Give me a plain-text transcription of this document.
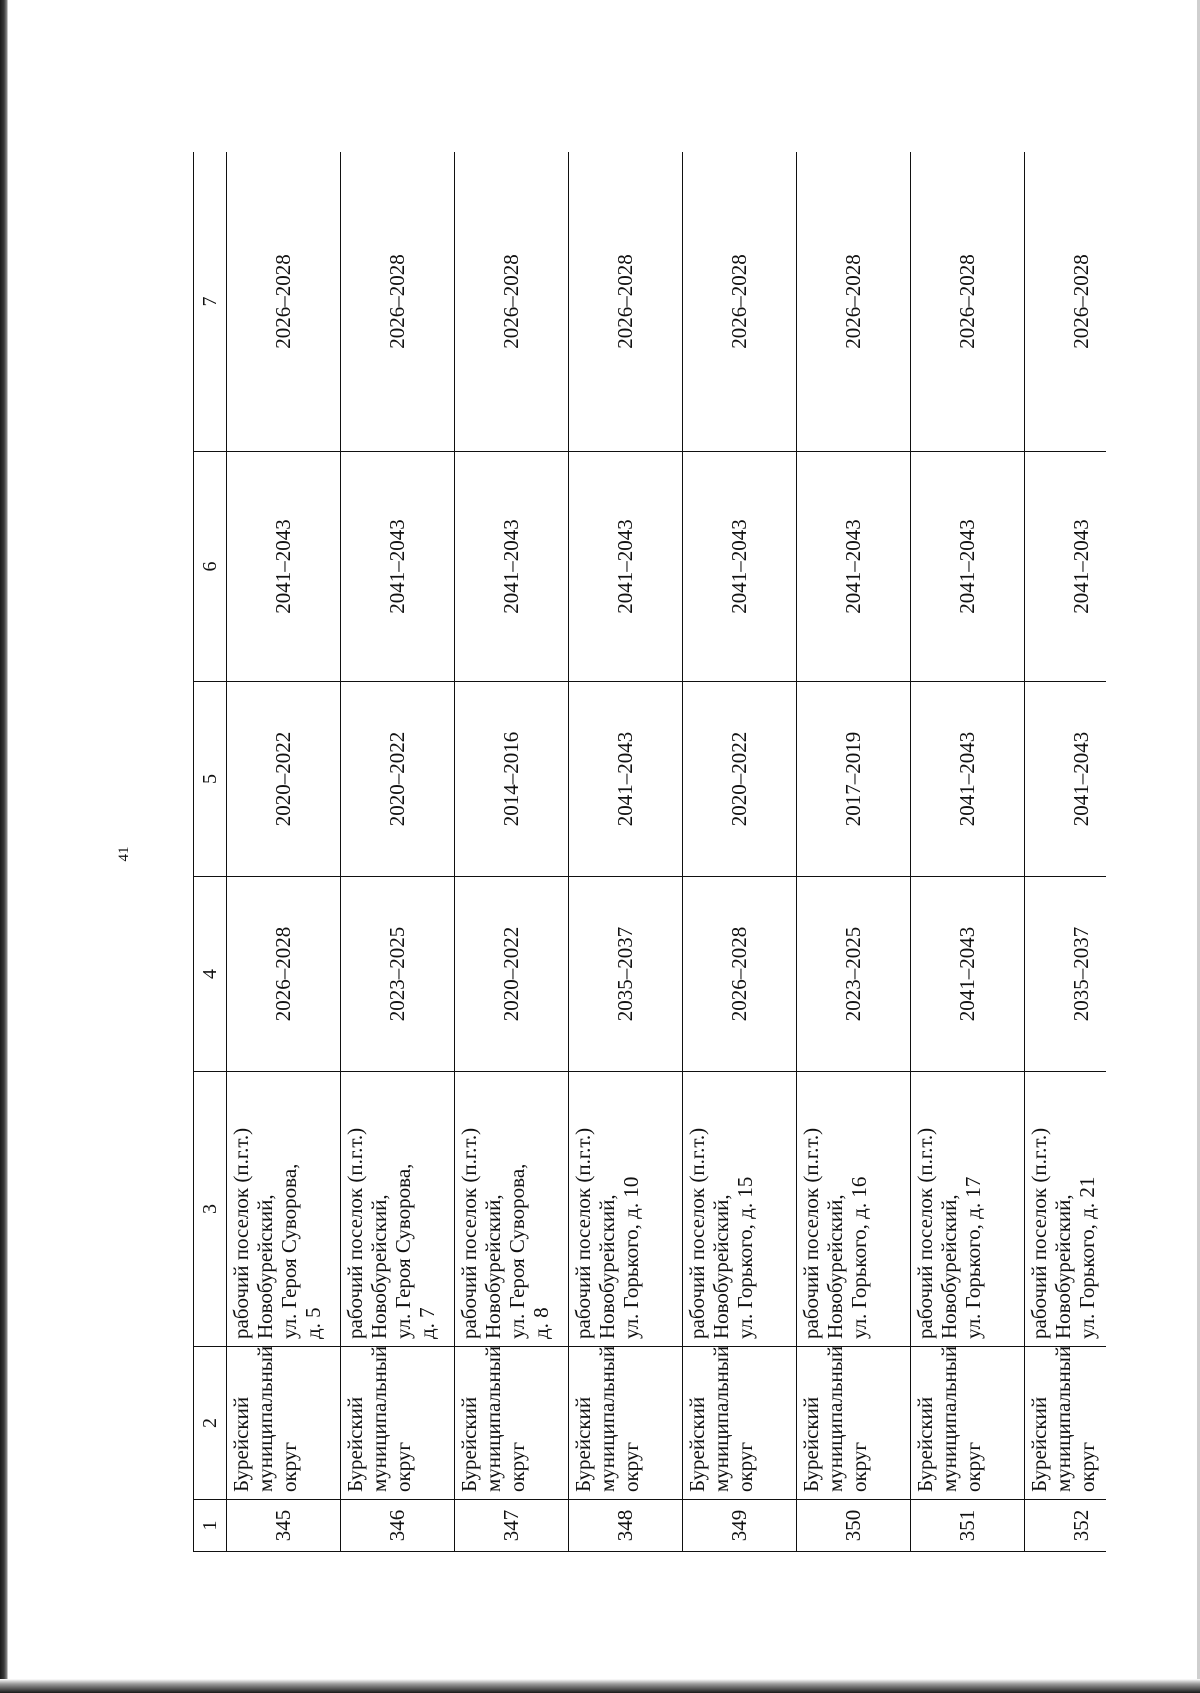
41
1	2	3	4	5	6	7
345	Бурейский муниципальный округ	рабочий поселок (п.г.т.) Новобурейский, ул. Героя Суворова, д. 5	2026–2028	2020–2022	2041–2043	2026–2028
346	Бурейский муниципальный округ	рабочий поселок (п.г.т.) Новобурейский, ул. Героя Суворова, д. 7	2023–2025	2020–2022	2041–2043	2026–2028
347	Бурейский муниципальный округ	рабочий поселок (п.г.т.) Новобурейский, ул. Героя Суворова, д. 8	2020–2022	2014–2016	2041–2043	2026–2028
348	Бурейский муниципальный округ	рабочий поселок (п.г.т.) Новобурейский, ул. Горького, д. 10	2035–2037	2041–2043	2041–2043	2026–2028
349	Бурейский муниципальный округ	рабочий поселок (п.г.т.) Новобурейский, ул. Горького, д. 15	2026–2028	2020–2022	2041–2043	2026–2028
350	Бурейский муниципальный округ	рабочий поселок (п.г.т.) Новобурейский, ул. Горького, д. 16	2023–2025	2017–2019	2041–2043	2026–2028
351	Бурейский муниципальный округ	рабочий поселок (п.г.т.) Новобурейский, ул. Горького, д. 17	2041–2043	2041–2043	2041–2043	2026–2028
352	Бурейский муниципальный округ	рабочий поселок (п.г.т.) Новобурейский, ул. Горького, д. 21	2035–2037	2041–2043	2041–2043	2026–2028
